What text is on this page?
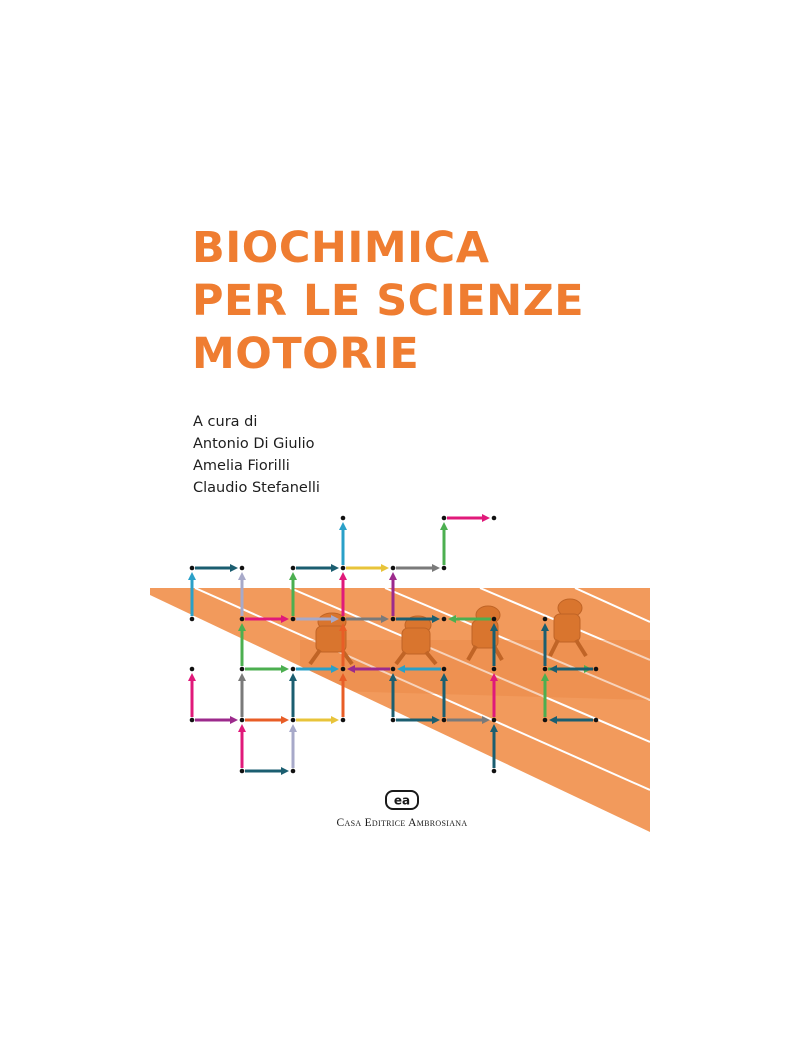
BIOCHIMICA
PER LE SCIENZE
MOTORIE
A cura di
Antonio Di Giulio
Amelia Fiorilli
Claudio Stefanelli
ea
Casa Editrice Ambrosiana
